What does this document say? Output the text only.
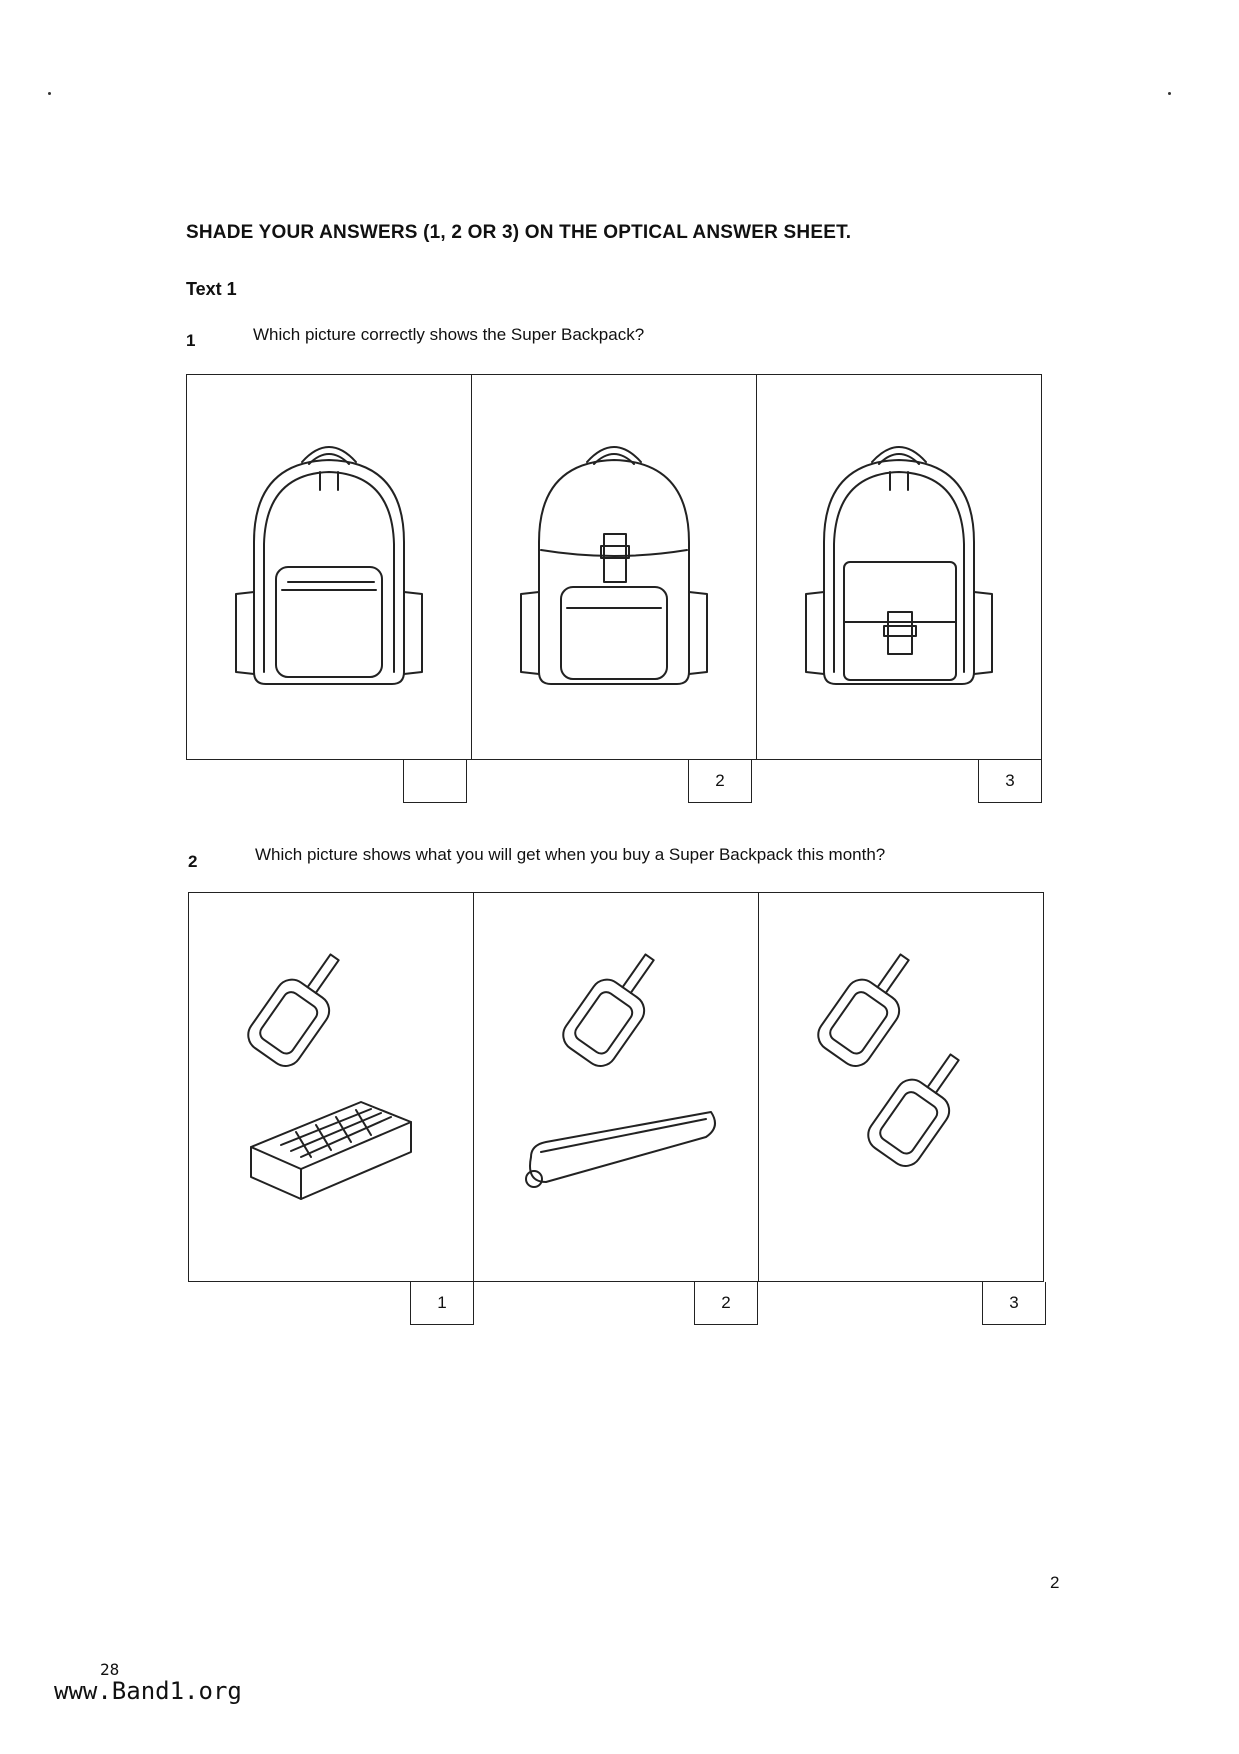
SHADE YOUR ANSWERS (1, 2 OR 3) ON THE OPTICAL ANSWER SHEET.
Text 1
1	Which picture correctly shows the Super Backpack?
2	3
2	Which picture shows what you will get when you buy a Super Backpack this month?
1	2	3
2
28
www.Band1.org
